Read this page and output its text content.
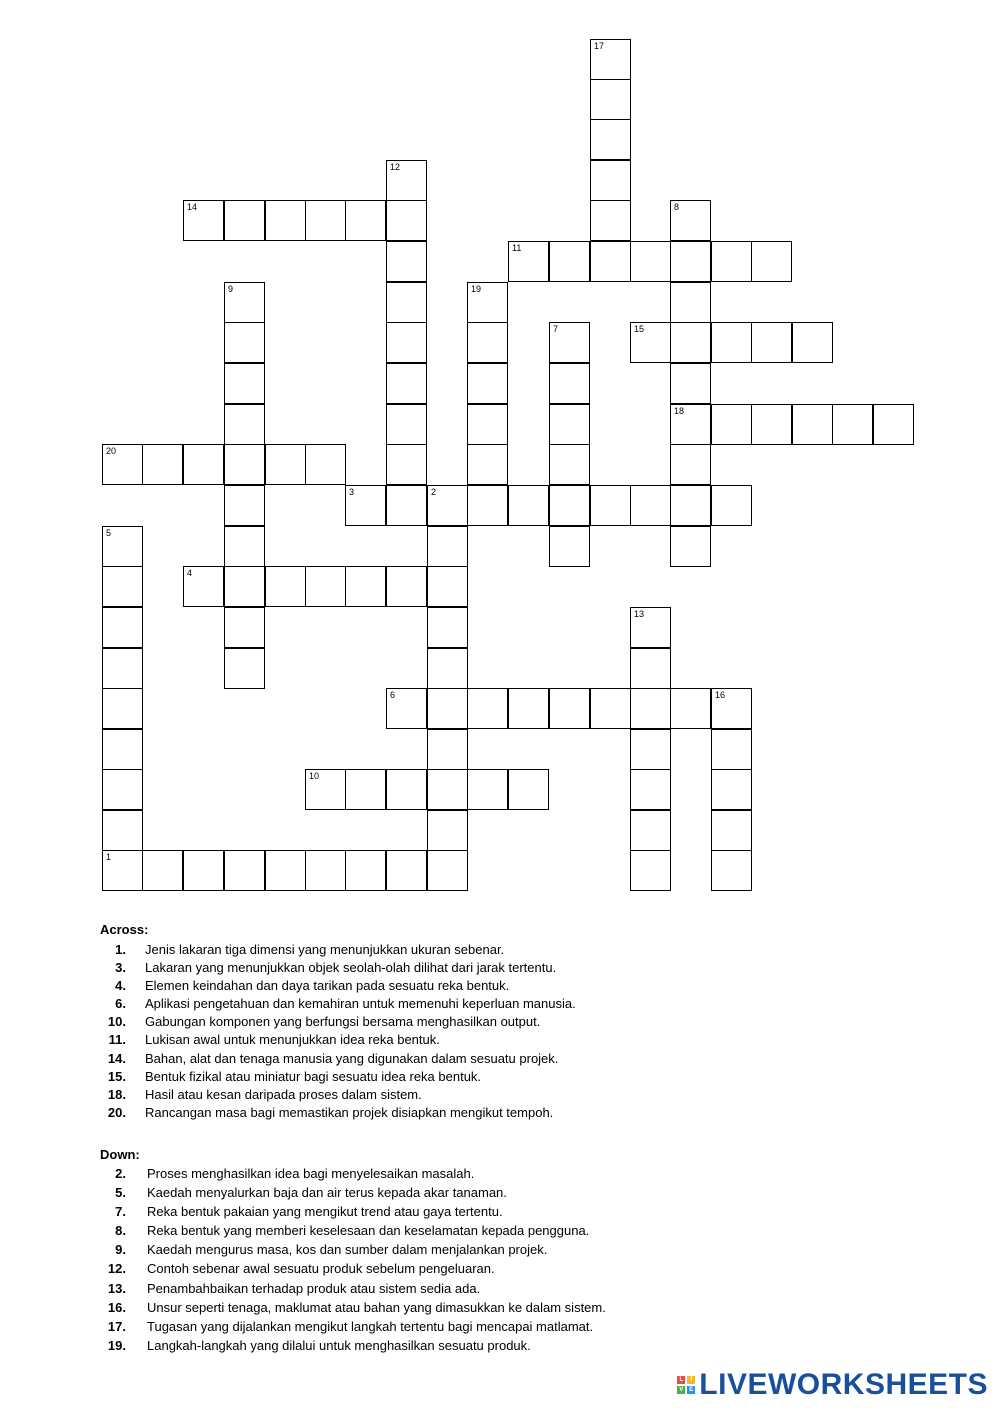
17
12
14	8
11
9	19
7	15
18
20
3	2
5
4
13
6	16
10
1
Across:
1. Jenis lakaran tiga dimensi yang menunjukkan ukuran sebenar.
3. Lakaran yang menunjukkan objek seolah-olah dilihat dari jarak tertentu.
4. Elemen keindahan dan daya tarikan pada sesuatu reka bentuk.
6. Aplikasi pengetahuan dan kemahiran untuk memenuhi keperluan manusia.
10. Gabungan komponen yang berfungsi bersama menghasilkan output.
11. Lukisan awal untuk menunjukkan idea reka bentuk.
14. Bahan, alat dan tenaga manusia yang digunakan dalam sesuatu projek.
15. Bentuk fizikal atau miniatur bagi sesuatu idea reka bentuk.
18. Hasil atau kesan daripada proses dalam sistem.
20. Rancangan masa bagi memastikan projek disiapkan mengikut tempoh.
Down:
2. Proses menghasilkan idea bagi menyelesaikan masalah.
5. Kaedah menyalurkan baja dan air terus kepada akar tanaman.
7. Reka bentuk pakaian yang mengikut trend atau gaya tertentu.
8. Reka bentuk yang memberi keselesaan dan keselamatan kepada pengguna.
9. Kaedah mengurus masa, kos dan sumber dalam menjalankan projek.
12. Contoh sebenar awal sesuatu produk sebelum pengeluaran.
13. Penambahbaikan terhadap produk atau sistem sedia ada.
16. Unsur seperti tenaga, maklumat atau bahan yang dimasukkan ke dalam sistem.
17. Tugasan yang dijalankan mengikut langkah tertentu bagi mencapai matlamat.
19. Langkah-langkah yang dilalui untuk menghasilkan sesuatu produk.
L	I
V E LIVEWORKSHEETS
